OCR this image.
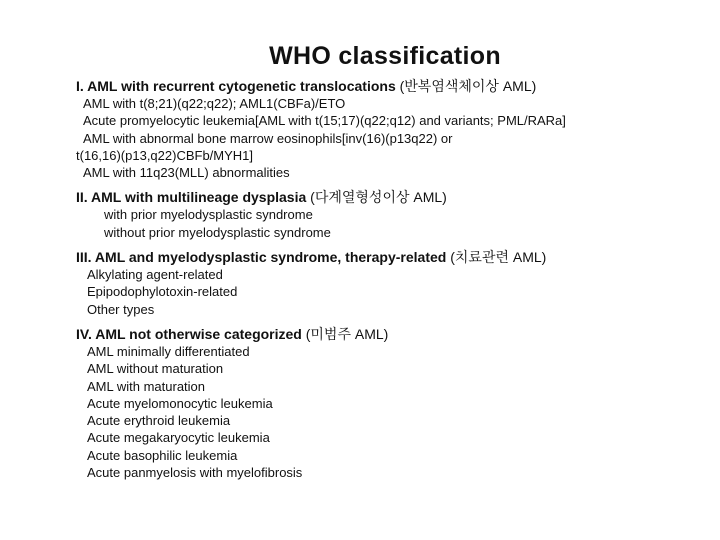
WHO classification
I. AML with recurrent cytogenetic translocations (반복염색체이상 AML)
AML with t(8;21)(q22;q22); AML1(CBFa)/ETO
Acute promyelocytic leukemia[AML with t(15;17)(q22;q12) and variants; PML/RARa]
AML with abnormal bone marrow eosinophils[inv(16)(p13q22) or
t(16,16)(p13,q22)CBFb/MYH1]
AML with 11q23(MLL) abnormalities
II. AML with multilineage dysplasia (다계열형성이상 AML)
with prior myelodysplastic syndrome
without prior myelodysplastic syndrome
III. AML and myelodysplastic syndrome, therapy-related (치료관련 AML)
Alkylating agent-related
Epipodophylotoxin-related
Other types
IV. AML not otherwise categorized (미범주 AML)
AML minimally differentiated
AML without maturation
AML with maturation
Acute myelomonocytic leukemia
Acute erythroid leukemia
Acute megakaryocytic leukemia
Acute basophilic leukemia
Acute panmyelosis with myelofibrosis
